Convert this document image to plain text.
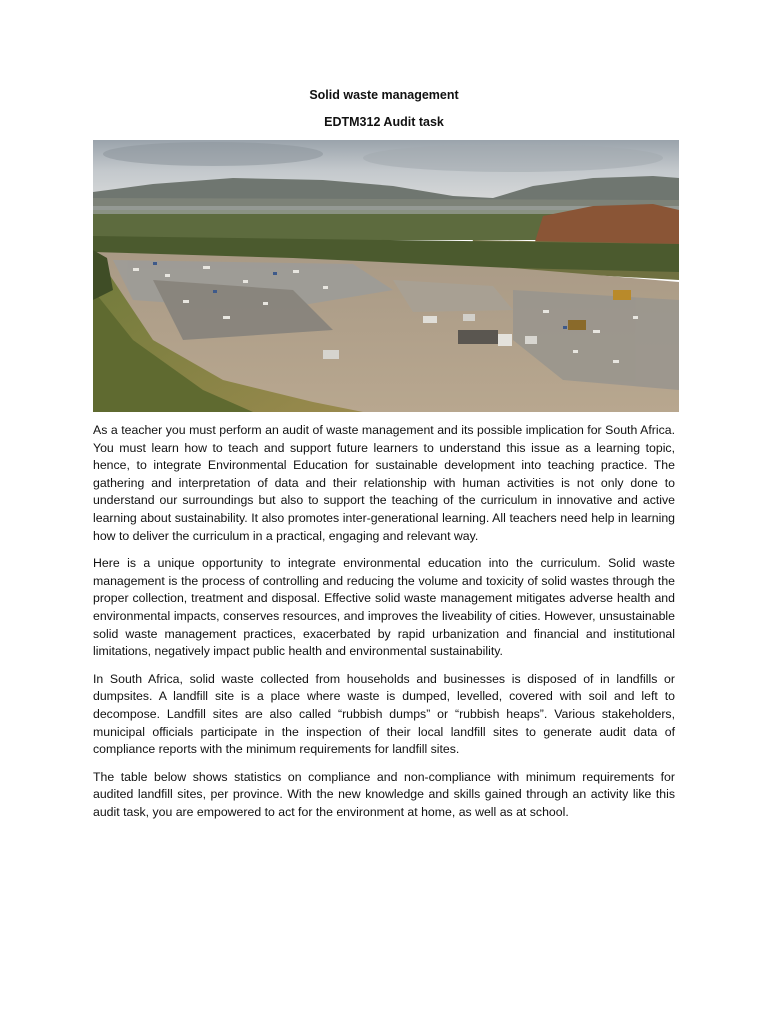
Solid waste management

EDTM312 Audit task

As a teacher you must perform an audit of waste management and its possible implication for South Africa. You must learn how to teach and support future learners to understand this issue as a learning topic, hence, to integrate Environmental Education for sustainable development into teaching practice. The gathering and interpretation of data and their relationship with human activities is not only done to understand our surroundings but also to support the teaching of the curriculum in innovative and active learning about sustainability. It also promotes inter-generational learning. All teachers need help in learning how to deliver the curriculum in a practical, engaging and relevant way.

Here is a unique opportunity to integrate environmental education into the curriculum. Solid waste management is the process of controlling and reducing the volume and toxicity of solid wastes through the proper collection, treatment and disposal. Effective solid waste management mitigates adverse health and environmental impacts, conserves resources, and improves the liveability of cities. However, unsustainable solid waste management practices, exacerbated by rapid urbanization and financial and institutional limitations, negatively impact public health and environmental sustainability.

In South Africa, solid waste collected from households and businesses is disposed of in landfills or dumpsites. A landfill site is a place where waste is dumped, levelled, covered with soil and left to decompose. Landfill sites are also called “rubbish dumps” or “rubbish heaps”. Various stakeholders, municipal officials participate in the inspection of their local landfill sites to generate audit data of compliance reports with the minimum requirements for landfill sites.

The table below shows statistics on compliance and non-compliance with minimum requirements for audited landfill sites, per province. With the new knowledge and skills gained through an activity like this audit task, you are empowered to act for the environment at home, as well as at school.
